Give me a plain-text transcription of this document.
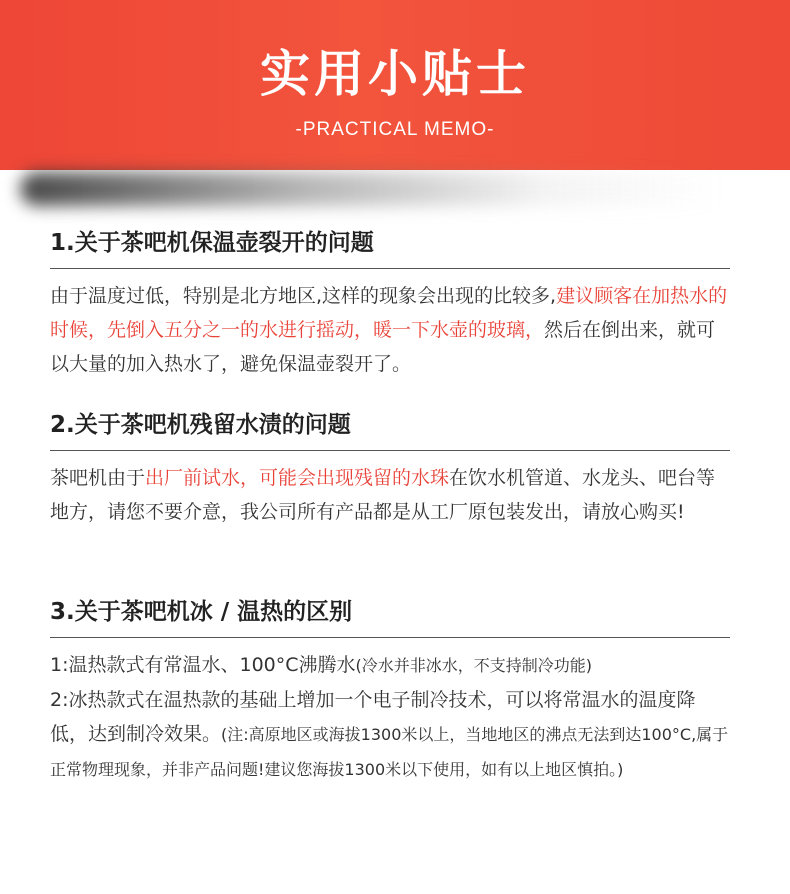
实用小贴士
-PRACTICAL MEMO-
1.关于茶吧机保温壶裂开的问题
由于温度过低，特别是北方地区,这样的现象会出现的比较多,建议顾客在加热水的时候，先倒入五分之一的水进行摇动，暖一下水壶的玻璃，然后在倒出来，就可以大量的加入热水了，避免保温壶裂开了。
2.关于茶吧机残留水渍的问题
茶吧机由于出厂前试水，可能会出现残留的水珠在饮水机管道、水龙头、吧台等地方，请您不要介意，我公司所有产品都是从工厂原包装发出，请放心购买!
3.关于茶吧机冰 / 温热的区别
1:温热款式有常温水、100°C沸腾水(冷水并非冰水，不支持制冷功能)
2:冰热款式在温热款的基础上增加一个电子制冷技术，可以将常温水的温度降低，达到制冷效果。(注:高原地区或海拔1300米以上，当地地区的沸点无法到达100°C,属于正常物理现象，并非产品问题!建议您海拔1300米以下使用，如有以上地区慎拍。)
